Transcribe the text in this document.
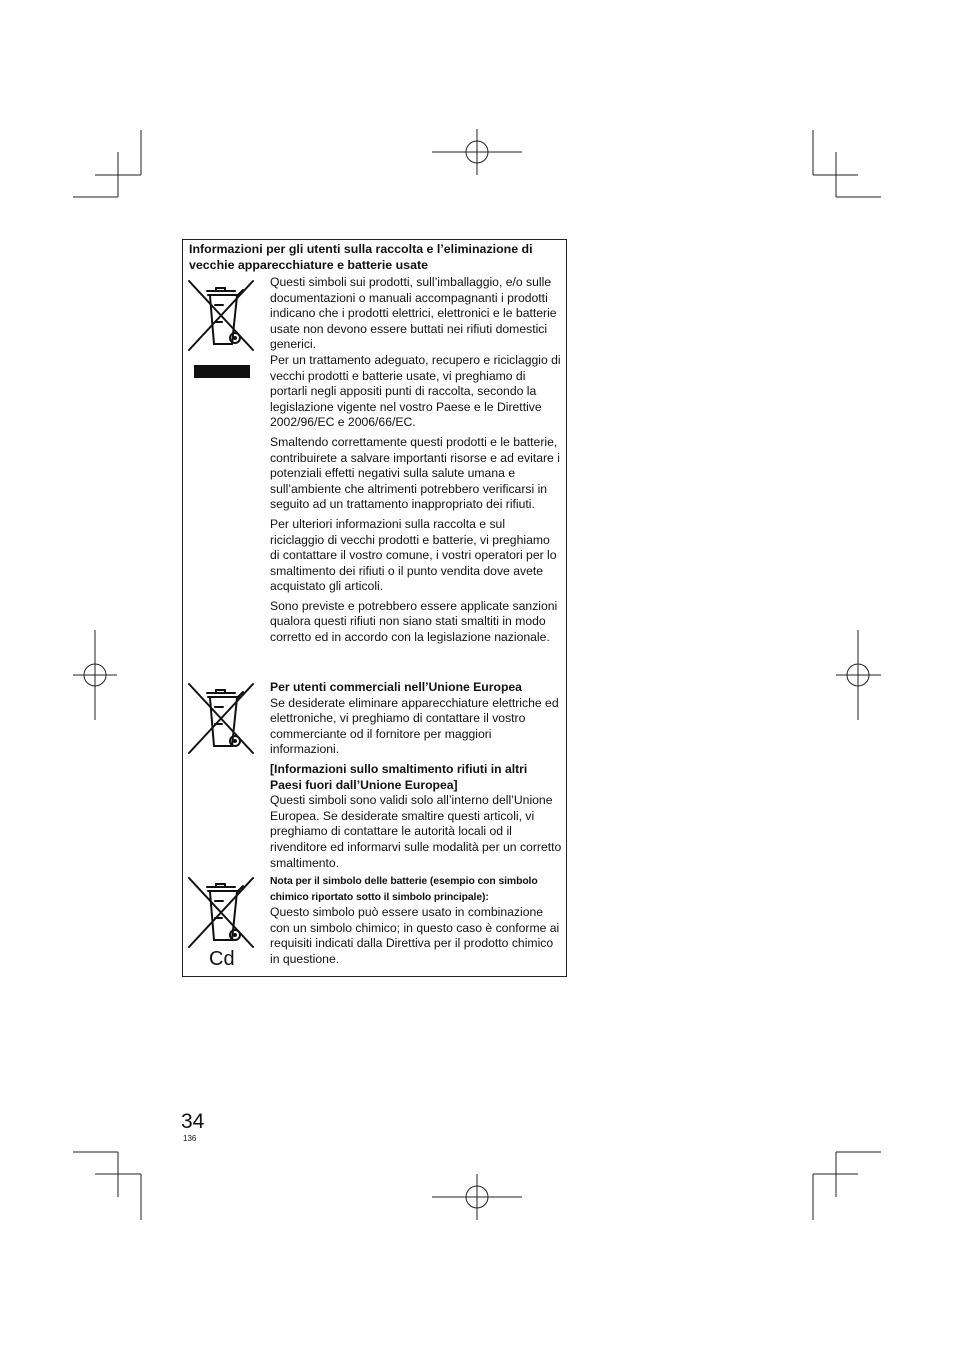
Informazioni per gli utenti sulla raccolta e l’eliminazione di vecchie apparecchiature e batterie usate

Questi simboli sui prodotti, sull’imballaggio, e/o sulle documentazioni o manuali accompagnanti i prodotti indicano che i prodotti elettrici, elettronici e le batterie usate non devono essere buttati nei rifiuti domestici generici.

Per un trattamento adeguato, recupero e riciclaggio di vecchi prodotti e batterie usate, vi preghiamo di portarli negli appositi punti di raccolta, secondo la legislazione vigente nel vostro Paese e le Direttive 2002/96/EC e 2006/66/EC.

Smaltendo correttamente questi prodotti e le batterie, contribuirete a salvare importanti risorse e ad evitare i potenziali effetti negativi sulla salute umana e sull’ambiente che altrimenti potrebbero verificarsi in seguito ad un trattamento inappropriato dei rifiuti.

Per ulteriori informazioni sulla raccolta e sul riciclaggio di vecchi prodotti e batterie, vi preghiamo di contattare il vostro comune, i vostri operatori per lo smaltimento dei rifiuti o il punto vendita dove avete acquistato gli articoli.

Sono previste e potrebbero essere applicate sanzioni qualora questi rifiuti non siano stati smaltiti in modo corretto ed in accordo con la legislazione nazionale.

Per utenti commerciali nell’Unione Europea

Se desiderate eliminare apparecchiature elettriche ed elettroniche, vi preghiamo di contattare il vostro commerciante od il fornitore per maggiori informazioni.

[Informazioni sullo smaltimento rifiuti in altri Paesi fuori dall’Unione Europea]

Questi simboli sono validi solo all’interno dell’Unione Europea. Se desiderate smaltire questi articoli, vi preghiamo di contattare le autorità locali od il rivenditore ed informarvi sulle modalità per un corretto smaltimento.

Cd

Nota per il simbolo delle batterie (esempio con simbolo chimico riportato sotto il simbolo principale):

Questo simbolo può essere usato in combinazione con un simbolo chimico; in questo caso è conforme ai requisiti indicati dalla Direttiva per il prodotto chimico in questione.

34
136
